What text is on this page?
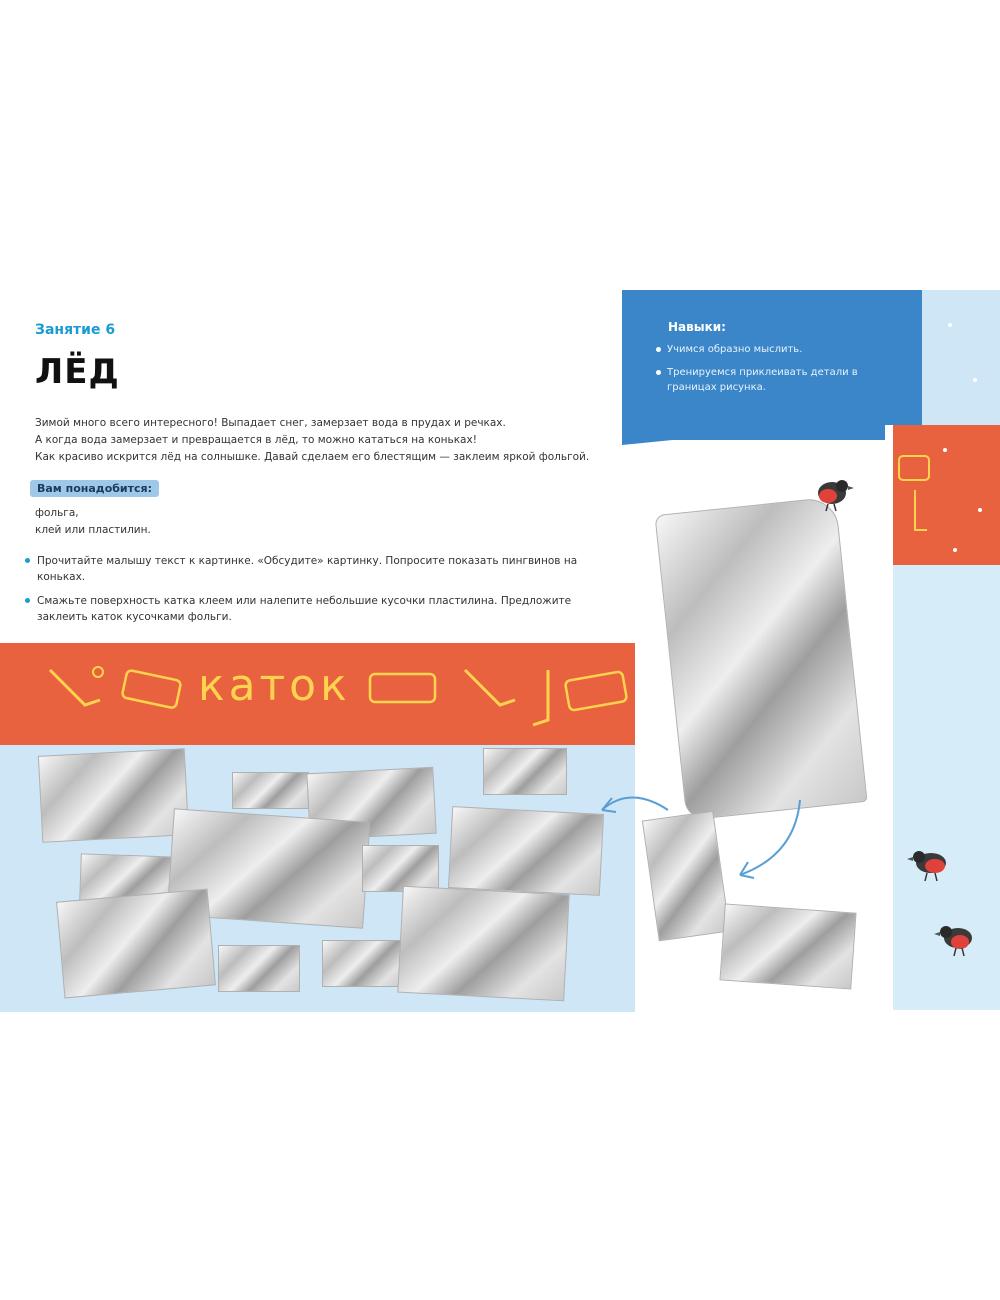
Занятие 6
ЛЁД
Зимой много всего интересного! Выпадает снег, замерзает вода в прудах и речках.
А когда вода замерзает и превращается в лёд, то можно кататься на коньках!
Как красиво искрится лёд на солнышке. Давай сделаем его блестящим — заклеим яркой фольгой.
Вам понадобится:
фольга,
клей или пластилин.
Прочитайте малышу текст к картинке. «Обсудите» картинку. Попросите показать пингвинов на коньках.
Смажьте поверхность катка клеем или налепите небольшие кусочки пластилина. Предложите заклеить каток кусочками фольги.
Навыки:
Учимся образно мыслить.
Тренируемся приклеивать детали в границах рисунка.
каток
